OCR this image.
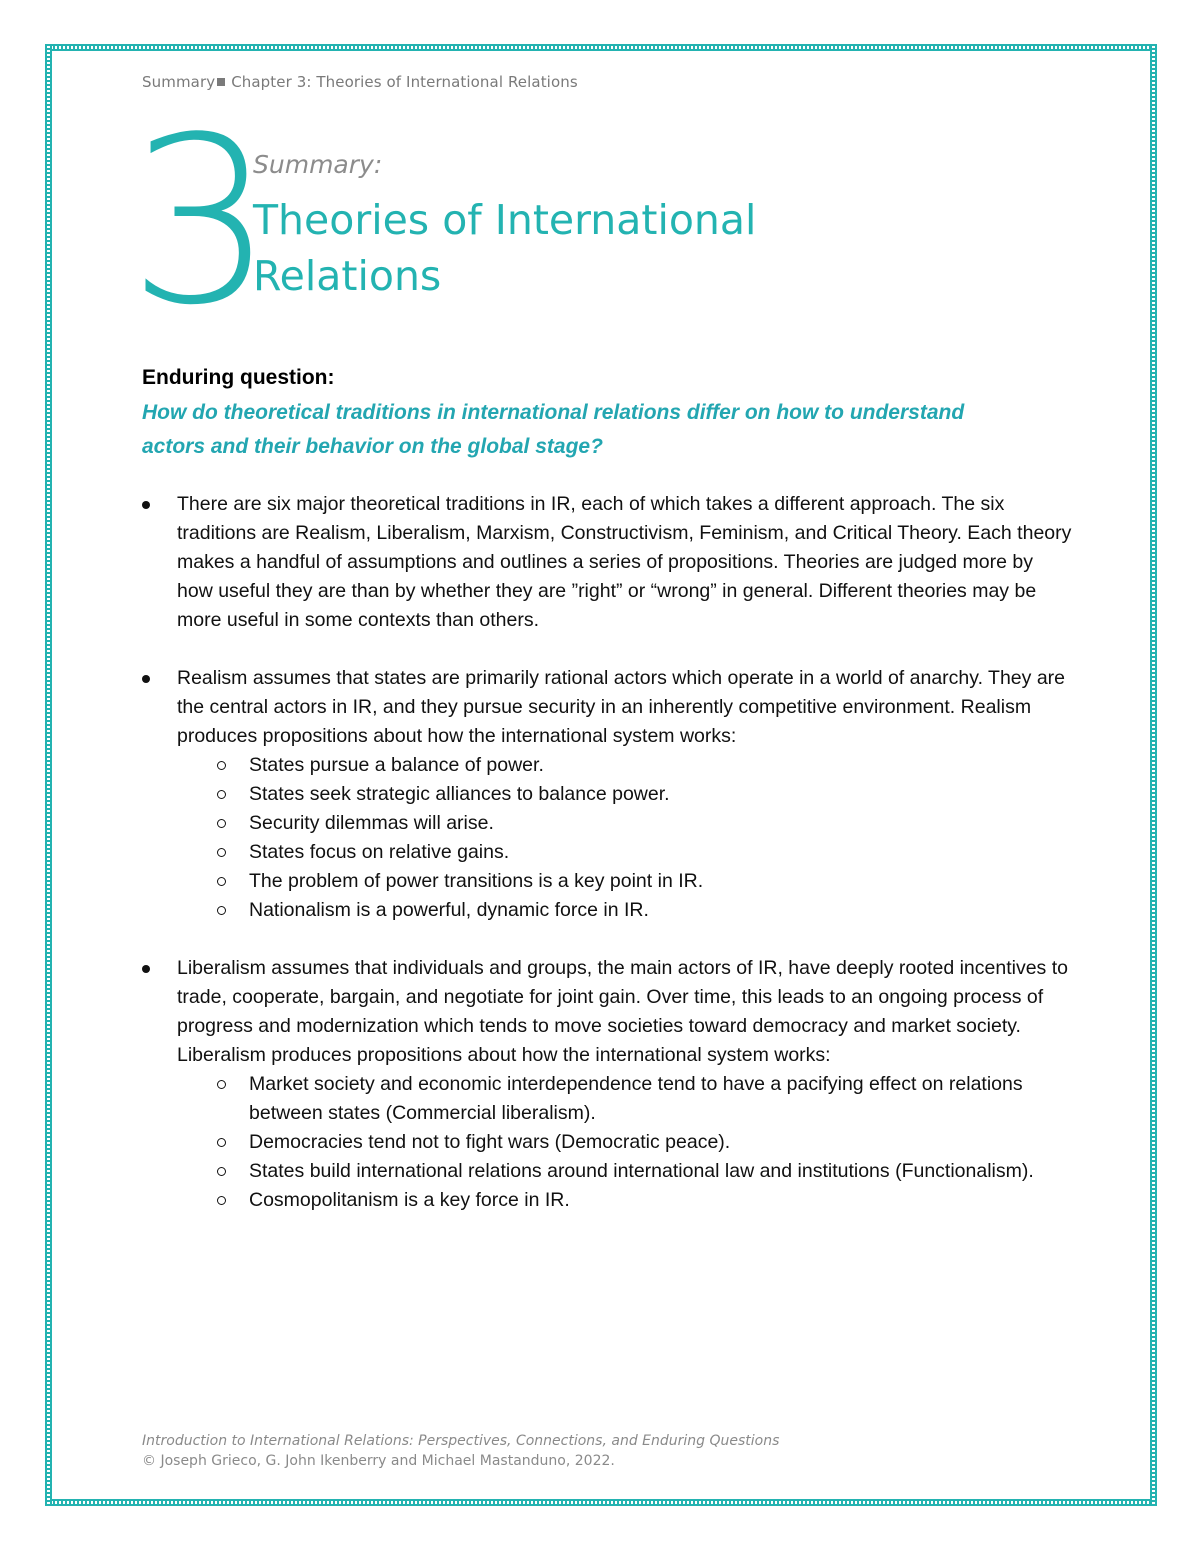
Summary Chapter 3: Theories of International Relations
3
Summary:
Theories of International Relations
Enduring question:
How do theoretical traditions in international relations differ on how to understand actors and their behavior on the global stage?
There are six major theoretical traditions in IR, each of which takes a different approach. The six traditions are Realism, Liberalism, Marxism, Constructivism, Feminism, and Critical Theory. Each theory makes a handful of assumptions and outlines a series of propositions. Theories are judged more by how useful they are than by whether they are ”right” or “wrong” in general. Different theories may be more useful in some contexts than others.
Realism assumes that states are primarily rational actors which operate in a world of anarchy. They are the central actors in IR, and they pursue security in an inherently competitive environment. Realism produces propositions about how the international system works:
States pursue a balance of power.
States seek strategic alliances to balance power.
Security dilemmas will arise.
States focus on relative gains.
The problem of power transitions is a key point in IR.
Nationalism is a powerful, dynamic force in IR.
Liberalism assumes that individuals and groups, the main actors of IR, have deeply rooted incentives to trade, cooperate, bargain, and negotiate for joint gain. Over time, this leads to an ongoing process of progress and modernization which tends to move societies toward democracy and market society. Liberalism produces propositions about how the international system works:
Market society and economic interdependence tend to have a pacifying effect on relations between states (Commercial liberalism).
Democracies tend not to fight wars (Democratic peace).
States build international relations around international law and institutions (Functionalism).
Cosmopolitanism is a key force in IR.
Introduction to International Relations: Perspectives, Connections, and Enduring Questions
© Joseph Grieco, G. John Ikenberry and Michael Mastanduno, 2022.
